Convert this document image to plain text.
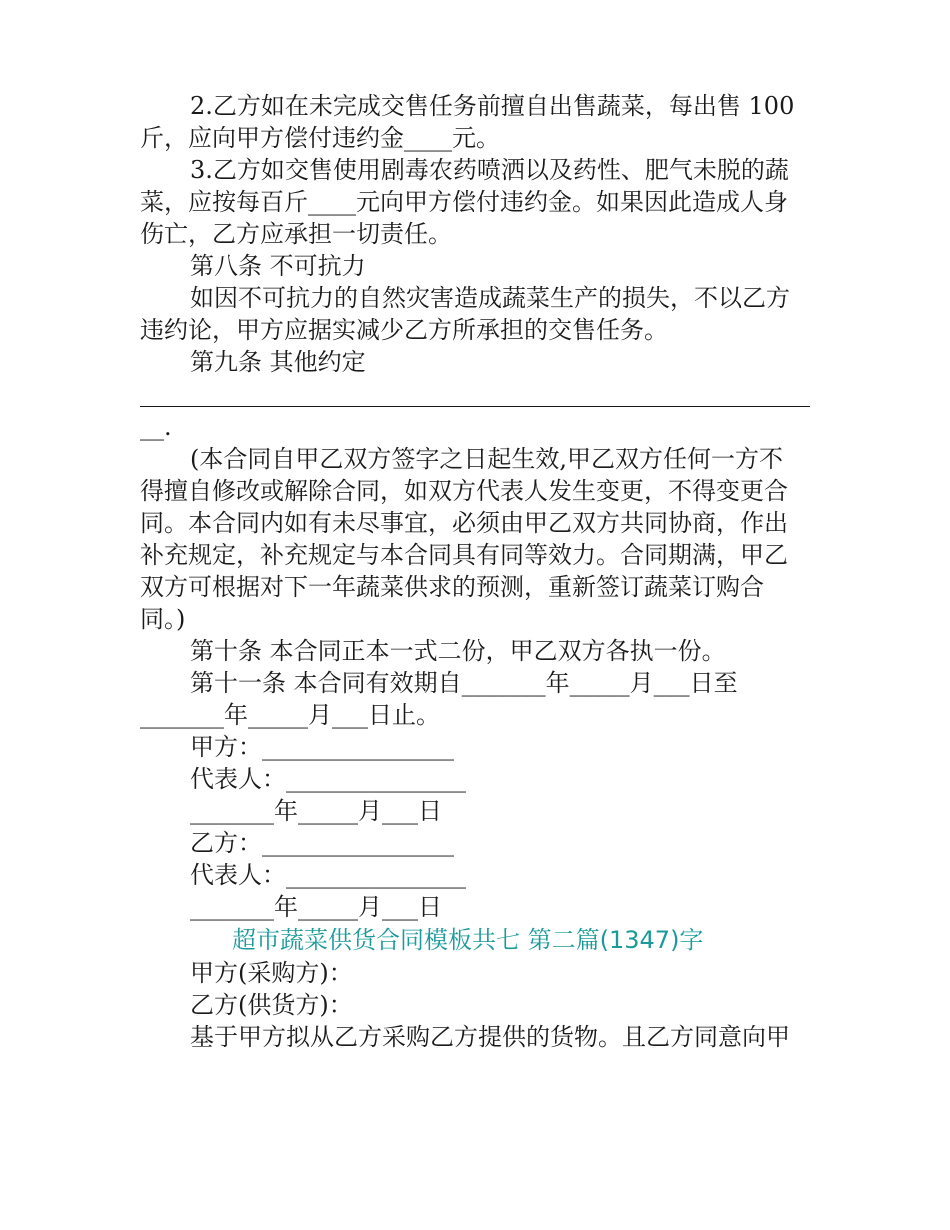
2.乙方如在未完成交售任务前擅自出售蔬菜，每出售 100
斤，应向甲方偿付违约金____元。
3.乙方如交售使用剧毒农药喷洒以及药性、肥气未脱的蔬
菜，应按每百斤____元向甲方偿付违约金。如果因此造成人身
伤亡，乙方应承担一切责任。
第八条 不可抗力
如因不可抗力的自然灾害造成蔬菜生产的损失，不以乙方
违约论，甲方应据实减少乙方所承担的交售任务。
第九条 其他约定
__.
(本合同自甲乙双方签字之日起生效,甲乙双方任何一方不
得擅自修改或解除合同，如双方代表人发生变更，不得变更合
同。本合同内如有未尽事宜，必须由甲乙双方共同协商，作出
补充规定，补充规定与本合同具有同等效力。合同期满，甲乙
双方可根据对下一年蔬菜供求的预测，重新签订蔬菜订购合
同。)
第十条 本合同正本一式二份，甲乙双方各执一份。
第十一条 本合同有效期自_______年_____月___日至
_______年_____月___日止。
甲方：________________
代表人：_______________
_______年_____月___日
乙方：________________
代表人：_______________
_______年_____月___日
超市蔬菜供货合同模板共七 第二篇(1347)字
甲方(采购方)：
乙方(供货方)：
基于甲方拟从乙方采购乙方提供的货物。且乙方同意向甲
